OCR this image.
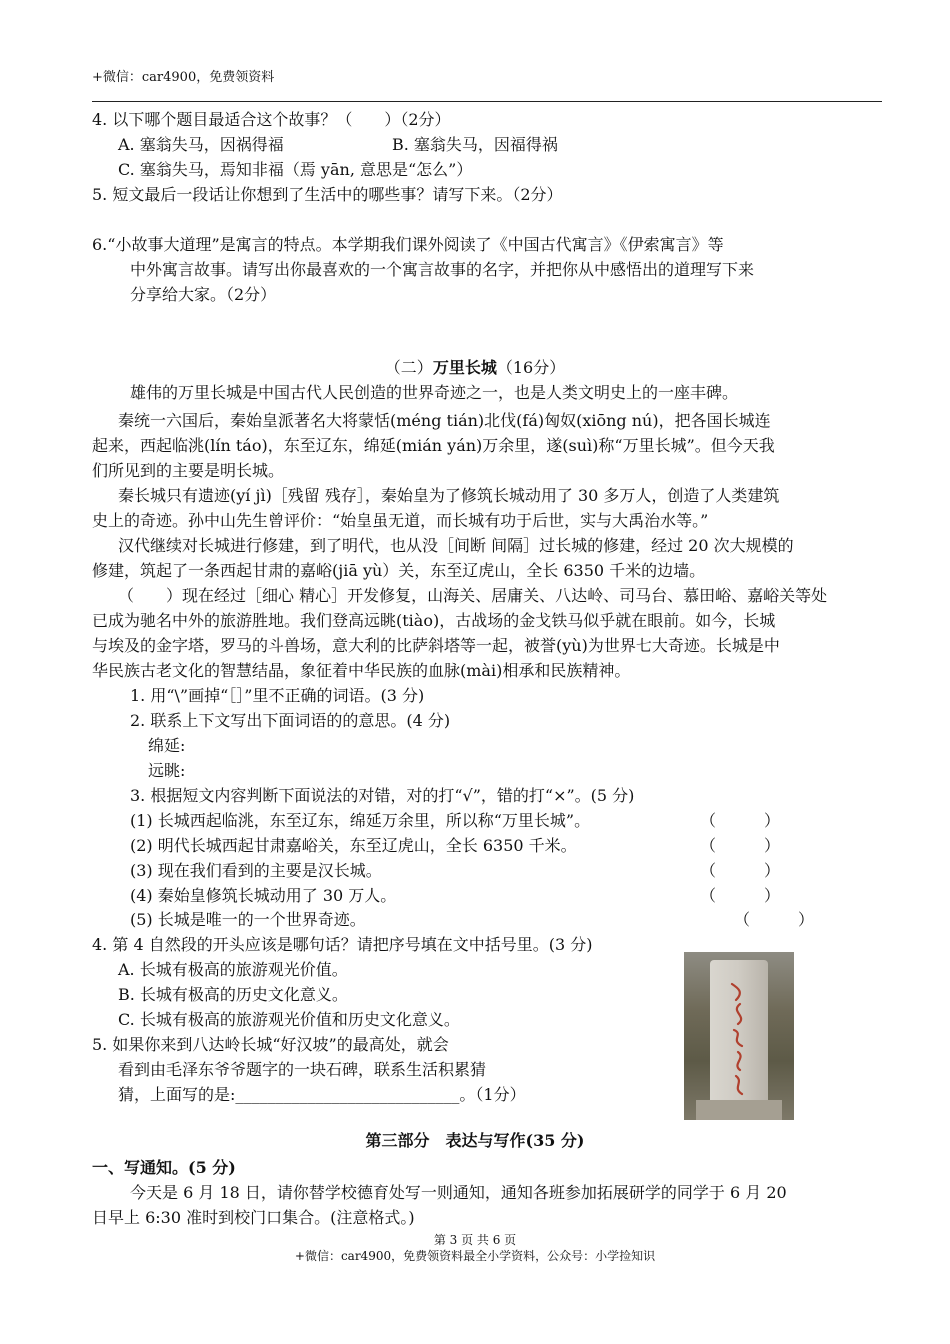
+微信：car4900，免费领资料
4. 以下哪个题目最适合这个故事？（　　）（2分）
A. 塞翁失马，因祸得福	B. 塞翁失马，因福得祸
C. 塞翁失马，焉知非福（焉 yān, 意思是“怎么”）
5. 短文最后一段话让你想到了生活中的哪些事？请写下来。（2分）
6.“小故事大道理”是寓言的特点。本学期我们课外阅读了《中国古代寓言》《伊索寓言》等
中外寓言故事。请写出你最喜欢的一个寓言故事的名字，并把你从中感悟出的道理写下来
分享给大家。（2分）
（二）万里长城（16分）
雄伟的万里长城是中国古代人民创造的世界奇迹之一，也是人类文明史上的一座丰碑。
秦统一六国后，秦始皇派著名大将蒙恬(méng tián)北伐(fá)匈奴(xiōng nú)，把各国长城连
起来，西起临洮(lín táo)，东至辽东，绵延(mián yán)万余里，遂(suì)称“万里长城”。但今天我
们所见到的主要是明长城。
秦长城只有遗迹(yí jì)［残留 残存］，秦始皇为了修筑长城动用了 30 多万人，创造了人类建筑
史上的奇迹。孙中山先生曾评价：“始皇虽无道，而长城有功于后世，实与大禹治水等。”
汉代继续对长城进行修建，到了明代，也从没［间断 间隔］过长城的修建，经过 20 次大规模的
修建，筑起了一条西起甘肃的嘉峪(jiā yù）关，东至辽虎山，全长 6350 千米的边墙。
（　　）现在经过［细心 精心］开发修复，山海关、居庸关、八达岭、司马台、慕田峪、嘉峪关等处
已成为驰名中外的旅游胜地。我们登高远眺(tiào)，古战场的金戈铁马似乎就在眼前。如今，长城
与埃及的金字塔，罗马的斗兽场，意大利的比萨斜塔等一起，被誉(yù)为世界七大奇迹。长城是中
华民族古老文化的智慧结晶，象征着中华民族的血脉(mài)相承和民族精神。
1. 用“\”画掉“［］”里不正确的词语。(3 分)
2. 联系上下文写出下面词语的的意思。(4 分)
绵延:
远眺:
3. 根据短文内容判断下面说法的对错，对的打“√”，错的打“×”。(5 分)
(1) 长城西起临洮，东至辽东，绵延万余里，所以称“万里长城”。	（　　　）
(2) 明代长城西起甘肃嘉峪关，东至辽虎山，全长 6350 千米。	（　　　）
(3) 现在我们看到的主要是汉长城。	（　　　）
(4) 秦始皇修筑长城动用了 30 万人。	（　　　）
(5) 长城是唯一的一个世界奇迹。	（　　　）
4. 第 4 自然段的开头应该是哪句话？请把序号填在文中括号里。(3 分)
A. 长城有极高的旅游观光价值。
B. 长城有极高的历史文化意义。
C. 长城有极高的旅游观光价值和历史文化意义。
5. 如果你来到八达岭长城“好汉坡”的最高处，就会
看到由毛泽东爷爷题字的一块石碑，联系生活积累猜
猜，上面写的是:____________________________。（1分）
第三部分　表达与写作(35 分)
一、写通知。(5 分)
今天是 6 月 18 日，请你替学校德育处写一则通知，通知各班参加拓展研学的同学于 6 月 20
日早上 6:30 准时到校门口集合。(注意格式。)
第 3 页 共 6 页
+微信：car4900，免费领资料最全小学资料，公众号：小学捡知识
